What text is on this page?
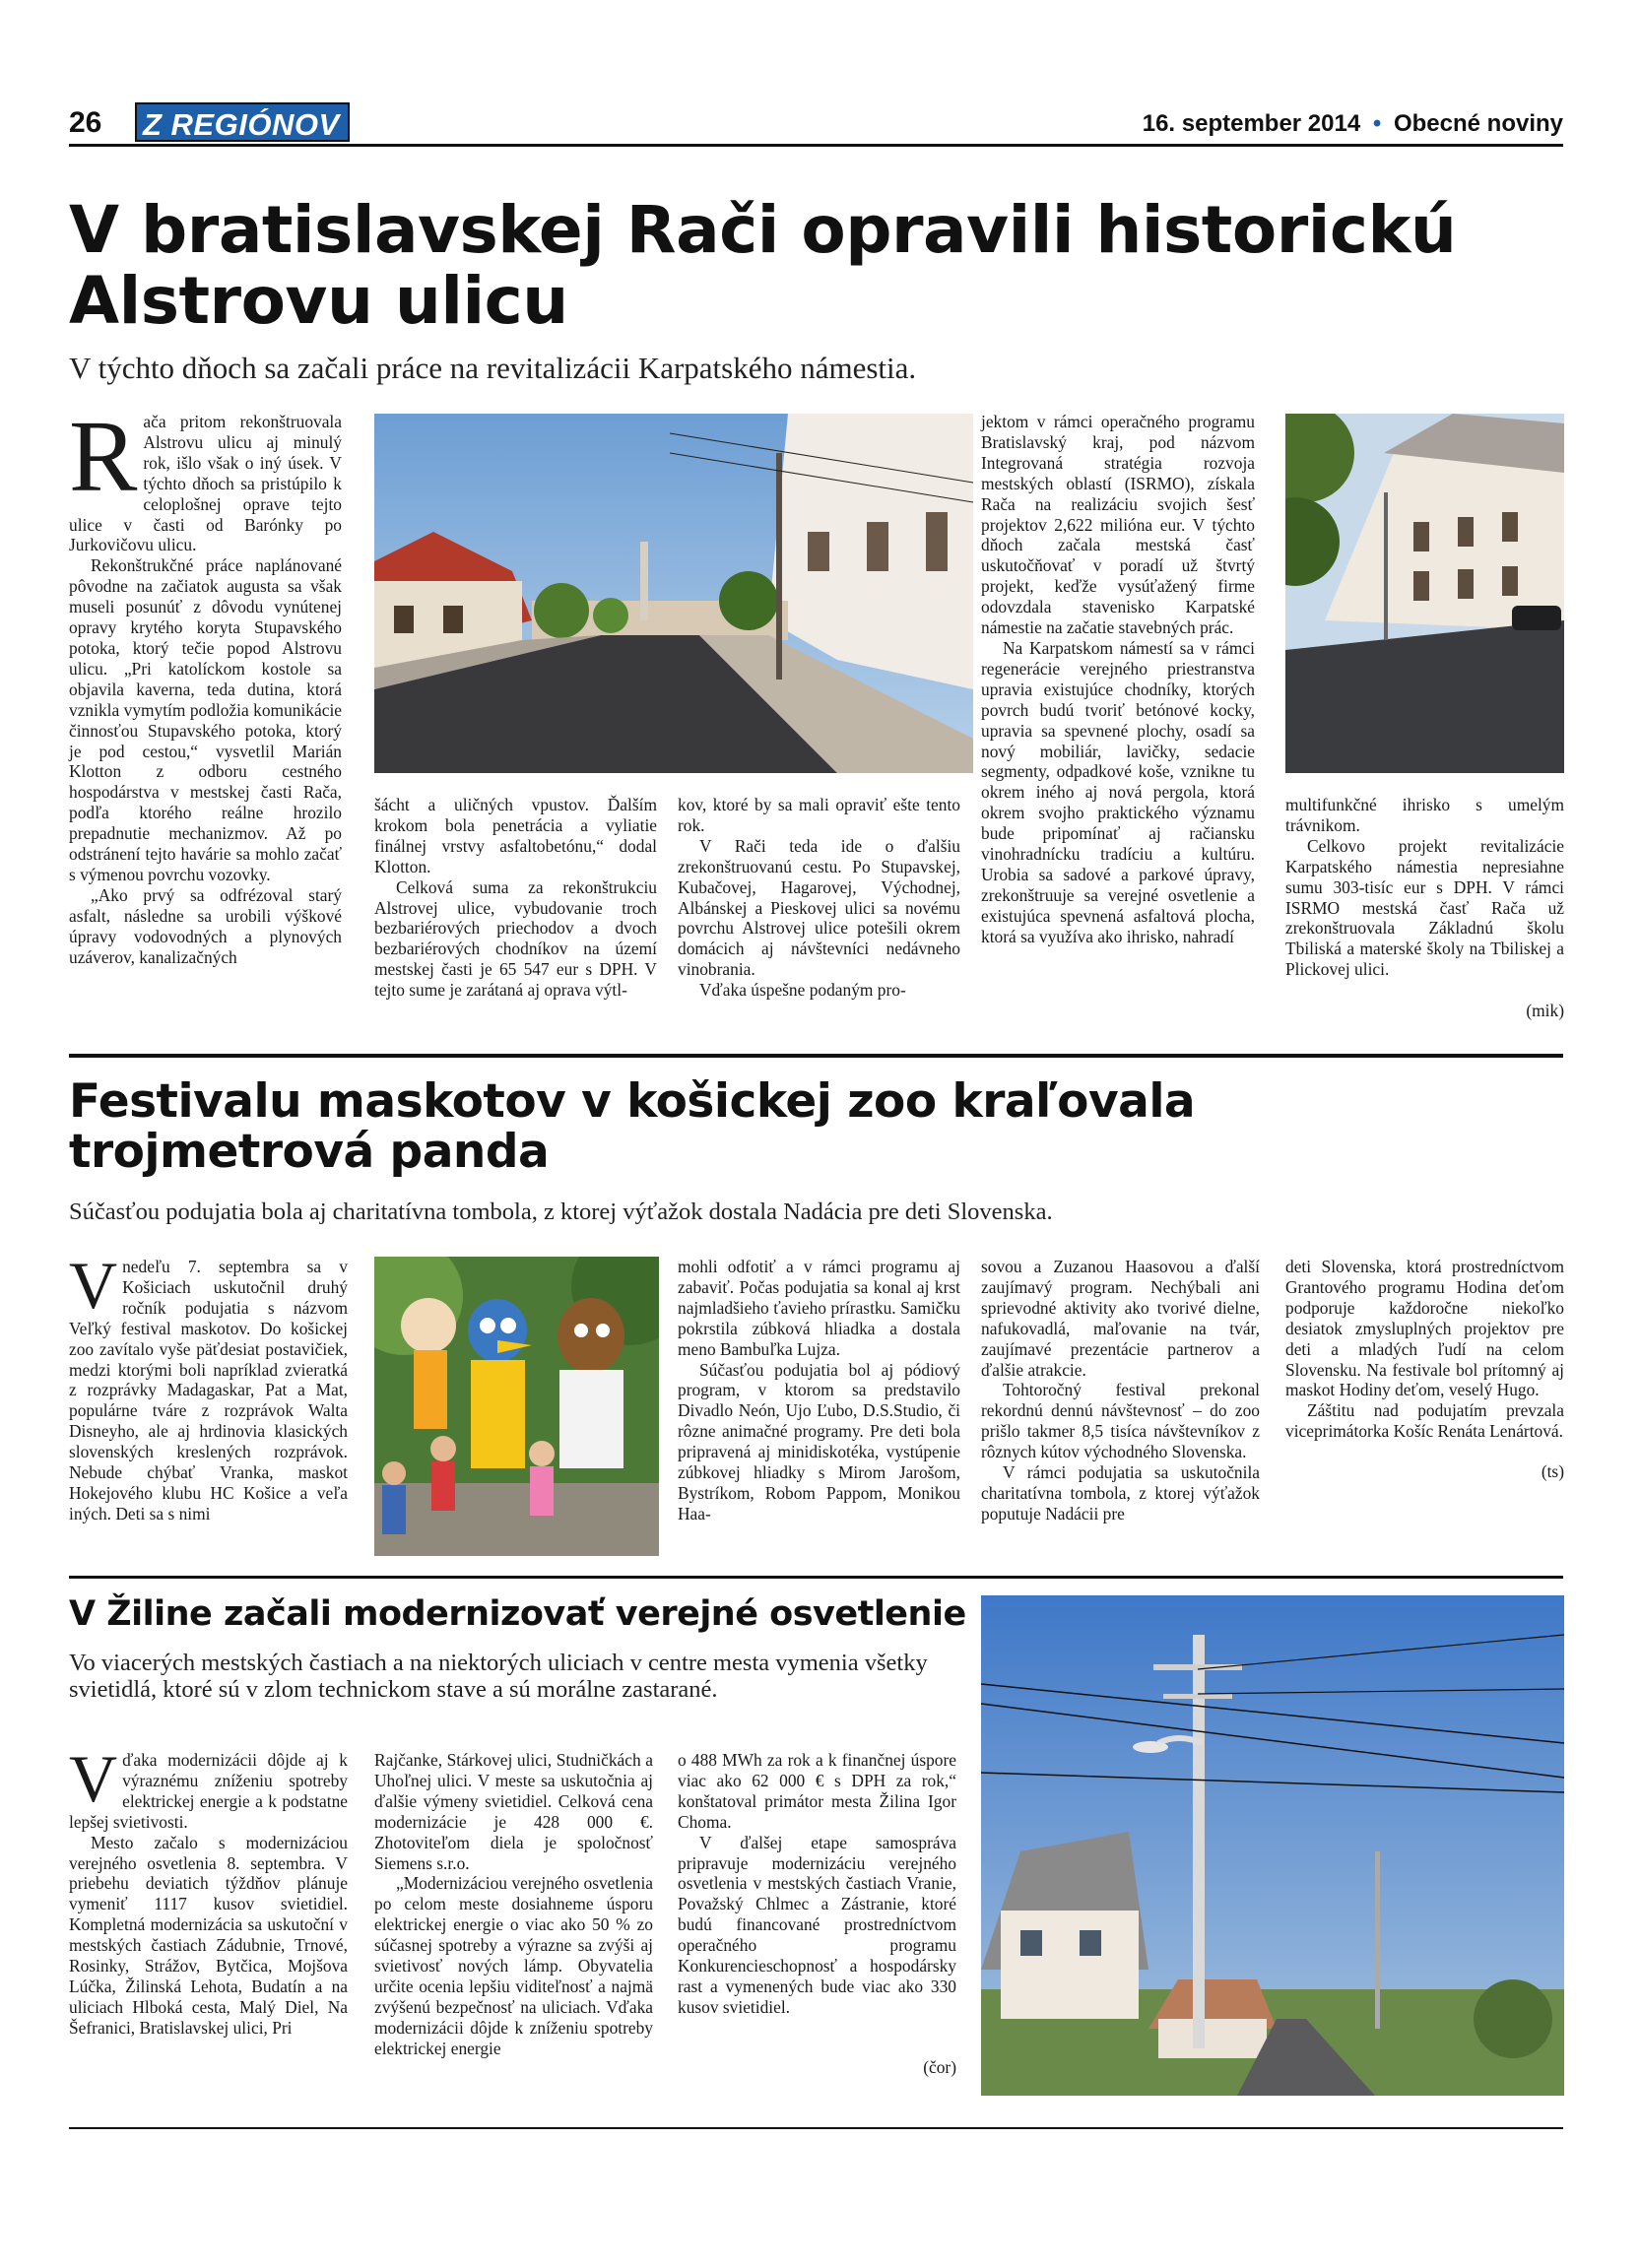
26 Z REGIÓNOV	16. september 2014 • Obecné noviny
V bratislavskej Rači opravili historickú
Alstrovu ulicu
V týchto dňoch sa začali práce na revitalizácii Karpatského námestia.

Rača pritom rekonštruovala Alstrovu ulicu aj minulý rok, išlo však o iný úsek. V týchto dňoch sa pristúpilo k celoplošnej oprave tejto ulice v časti od Barónky po Jurkovičovu ulicu.

Rekonštrukčné práce naplánované pôvodne na začiatok augusta sa však museli posunúť z dôvodu vynútenej opravy krytého koryta Stupavského potoka, ktorý tečie popod Alstrovu ulicu. „Pri katolíckom kostole sa objavila kaverna, teda dutina, ktorá vznikla vymytím podložia komunikácie činnosťou Stupavského potoka, ktorý je pod cestou,“ vysvetlil Marián Klotton z odboru cestného hospodárstva v mestskej časti Rača, podľa ktorého reálne hrozilo prepadnutie mechanizmov. Až po odstránení tejto havárie sa mohlo začať s výmenou povrchu vozovky.

„Ako prvý sa odfrézoval starý asfalt, následne sa urobili výškové úpravy vodovodných a plynových uzáverov, kanalizačných

šácht a uličných vpustov. Ďalším krokom bola penetrácia a vyliatie finálnej vrstvy asfaltobetónu,“ dodal Klotton.

Celková suma za rekonštrukciu Alstrovej ulice, vybudovanie troch bezbariérových priechodov a dvoch bezbariérových chodníkov na území mestskej časti je 65 547 eur s DPH. V tejto sume je zarátaná aj oprava výtl-

kov, ktoré by sa mali opraviť ešte tento rok.

V Rači teda ide o ďalšiu zrekonštruovanú cestu. Po Stupavskej, Kubačovej, Hagarovej, Východnej, Albánskej a Pieskovej ulici sa novému povrchu Alstrovej ulice potešili okrem domácich aj návštevníci nedávneho vinobrania.

Vďaka úspešne podaným pro-

jektom v rámci operačného programu Bratislavský kraj, pod názvom Integrovaná stratégia rozvoja mestských oblastí (ISRMO), získala Rača na realizáciu svojich šesť projektov 2,622 milióna eur. V týchto dňoch začala mestská časť uskutočňovať v poradí už štvrtý projekt, keďže vysúťažený firme odovzdala stavenisko Karpatské námestie na začatie stavebných prác.

Na Karpatskom námestí sa v rámci regenerácie verejného priestranstva upravia existujúce chodníky, ktorých povrch budú tvoriť betónové kocky, upravia sa spevnené plochy, osadí sa nový mobiliár, lavičky, sedacie segmenty, odpadkové koše, vznikne tu okrem iného aj nová pergola, ktorá okrem svojho praktického významu bude pripomínať aj račiansku vinohradnícku tradíciu a kultúru. Urobia sa sadové a parkové úpravy, zrekonštruuje sa verejné osvetlenie a existujúca spevnená asfaltová plocha, ktorá sa využíva ako ihrisko, nahradí

multifunkčné ihrisko s umelým trávnikom.

Celkovo projekt revitalizácie Karpatského námestia nepresiahne sumu 303-tisíc eur s DPH. V rámci ISRMO mestská časť Rača už zrekonštruovala Základnú školu Tbiliská a materské školy na Tbiliskej a Plickovej ulici.

(mik)

Festivalu maskotov v košickej zoo kraľovala
trojmetrová panda
Súčasťou podujatia bola aj charitatívna tombola, z ktorej výťažok dostala Nadácia pre deti Slovenska.

Vnedeľu 7. septembra sa v Košiciach uskutočnil druhý ročník podujatia s názvom Veľký festival maskotov. Do košickej zoo zavítalo vyše päťdesiat postavičiek, medzi ktorými boli napríklad zvieratká z rozprávky Madagaskar, Pat a Mat, populárne tváre z rozprávok Walta Disneyho, ale aj hrdinovia klasických slovenských kreslených rozprávok. Nebude chýbať Vranka, maskot Hokejového klubu HC Košice a veľa iných. Deti sa s nimi

mohli odfotiť a v rámci programu aj zabaviť. Počas podujatia sa konal aj krst najmladšieho ťavieho prírastku. Samičku pokrstila zúbková hliadka a dostala meno Bambuľka Lujza.

Súčasťou podujatia bol aj pódiový program, v ktorom sa predstavilo Divadlo Neón, Ujo Ľubo, D.S.Studio, či rôzne animačné programy. Pre deti bola pripravená aj minidiskotéka, vystúpenie zúbkovej hliadky s Mirom Jarošom, Bystríkom, Robom Pappom, Monikou Haa-

sovou a Zuzanou Haasovou a ďalší zaujímavý program. Nechýbali ani sprievodné aktivity ako tvorivé dielne, nafukovadlá, maľovanie na tvár, zaujímavé prezentácie partnerov a ďalšie atrakcie.

Tohtoročný festival prekonal rekordnú dennú návštevnosť – do zoo prišlo takmer 8,5 tisíca návštevníkov z rôznych kútov východného Slovenska.

V rámci podujatia sa uskutočnila charitatívna tombola, z ktorej výťažok poputuje Nadácii pre

deti Slovenska, ktorá prostredníctvom Grantového programu Hodina deťom podporuje každoročne niekoľko desiatok zmysluplných projektov pre deti a mladých ľudí na celom Slovensku. Na festivale bol prítomný aj maskot Hodiny deťom, veselý Hugo.

Záštitu nad podujatím prevzala viceprimátorka Košíc Renáta Lenártová.

(ts)

V Žiline začali modernizovať verejné osvetlenie
Vo viacerých mestských častiach a na niektorých uliciach v centre mesta vymenia všetky svietidlá, ktoré sú v zlom technickom stave a sú morálne zastarané.

Vďaka modernizácii dôjde aj k výraznému zníženiu spotreby elektrickej energie a k podstatne lepšej svietivosti.

Mesto začalo s modernizáciou verejného osvetlenia 8. septembra. V priebehu deviatich týždňov plánuje vymeniť 1117 kusov svietidiel. Kompletná modernizácia sa uskutoční v mestských častiach Zádubnie, Trnové, Rosinky, Strážov, Bytčica, Mojšova Lúčka, Žilinská Lehota, Budatín a na uliciach Hlboká cesta, Malý Diel, Na Šefranici, Bratislavskej ulici, Pri

Rajčanke, Stárkovej ulici, Studničkách a Uhoľnej ulici. V meste sa uskutočnia aj ďalšie výmeny svietidiel. Celková cena modernizácie je 428 000 €. Zhotoviteľom diela je spoločnosť Siemens s.r.o.

„Modernizáciou verejného osvetlenia po celom meste dosiahneme úsporu elektrickej energie o viac ako 50 % zo súčasnej spotreby a výrazne sa zvýši aj svietivosť nových lámp. Obyvatelia určite ocenia lepšiu viditeľnosť a najmä zvýšenú bezpečnosť na uliciach. Vďaka modernizácii dôjde k zníženiu spotreby elektrickej energie

o 488 MWh za rok a k finančnej úspore viac ako 62 000 € s DPH za rok,“ konštatoval primátor mesta Žilina Igor Choma.

V ďalšej etape samospráva pripravuje modernizáciu verejného osvetlenia v mestských častiach Vranie, Považský Chlmec a Zástranie, ktoré budú financované prostredníctvom operačného programu Konkurencieschopnosť a hospodársky rast a vymenených bude viac ako 330 kusov svietidiel.

(čor)
